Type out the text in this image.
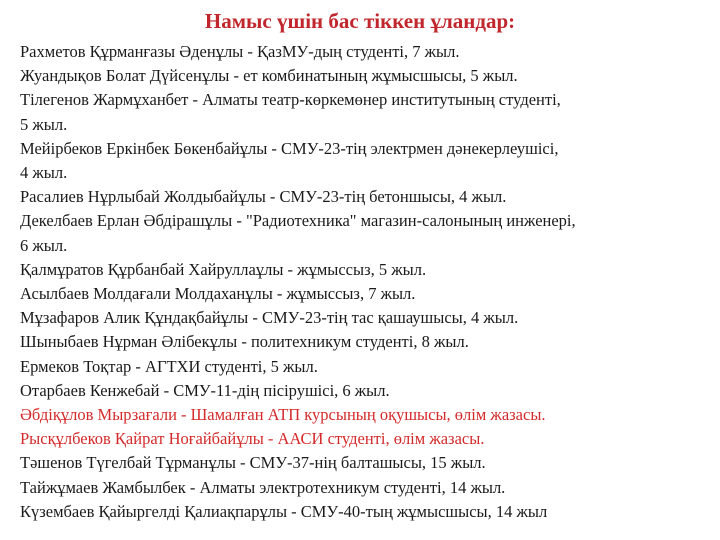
Намыс үшін бас тіккен ұландар:
Рахметов Құрманғазы Әденұлы - ҚазМУ-дың студенті, 7 жыл.
Жуандықов Болат Дүйсенұлы - ет комбинатының жұмысшысы, 5 жыл.
Тілегенов Жармұханбет - Алматы театр-көркемөнер институтының студенті,
5 жыл.
Мейірбеков Еркінбек Бөкенбайұлы - СМУ-23-тің электрмен дәнекерлеушісі,
4 жыл.
Расалиев Нұрлыбай Жолдыбайұлы - СМУ-23-тің бетоншысы, 4 жыл.
Декелбаев Ерлан Әбдірашұлы - "Радиотехника" магазин-салонының инженері,
6 жыл.
Қалмұратов Құрбанбай Хайруллаұлы - жұмыссыз, 5 жыл.
Асылбаев Молдағали Молдаханұлы - жұмыссыз, 7 жыл.
Мұзафаров Алик Құндақбайұлы - СМУ-23-тің тас қашаушысы, 4 жыл.
Шыныбаев Нұрман Әлібекұлы - политехникум студенті, 8 жыл.
Ермеков Тоқтар - АГТХИ студенті, 5 жыл.
Отарбаев Кенжебай - СМУ-11-дің пісірушісі, 6 жыл.
Әбдіқұлов Мырзағали - Шамалған АТП курсының оқушысы, өлім жазасы.
Рысқұлбеков Қайрат Ноғайбайұлы - ААСИ студенті, өлім жазасы.
Тәшенов Түгелбай Тұрманұлы - СМУ-37-нің балташысы, 15 жыл.
Тайжұмаев Жамбылбек - Алматы электротехникум студенті, 14 жыл.
Күзембаев Қайыргелді Қалиақпарұлы - СМУ-40-тың жұмысшысы, 14 жыл
